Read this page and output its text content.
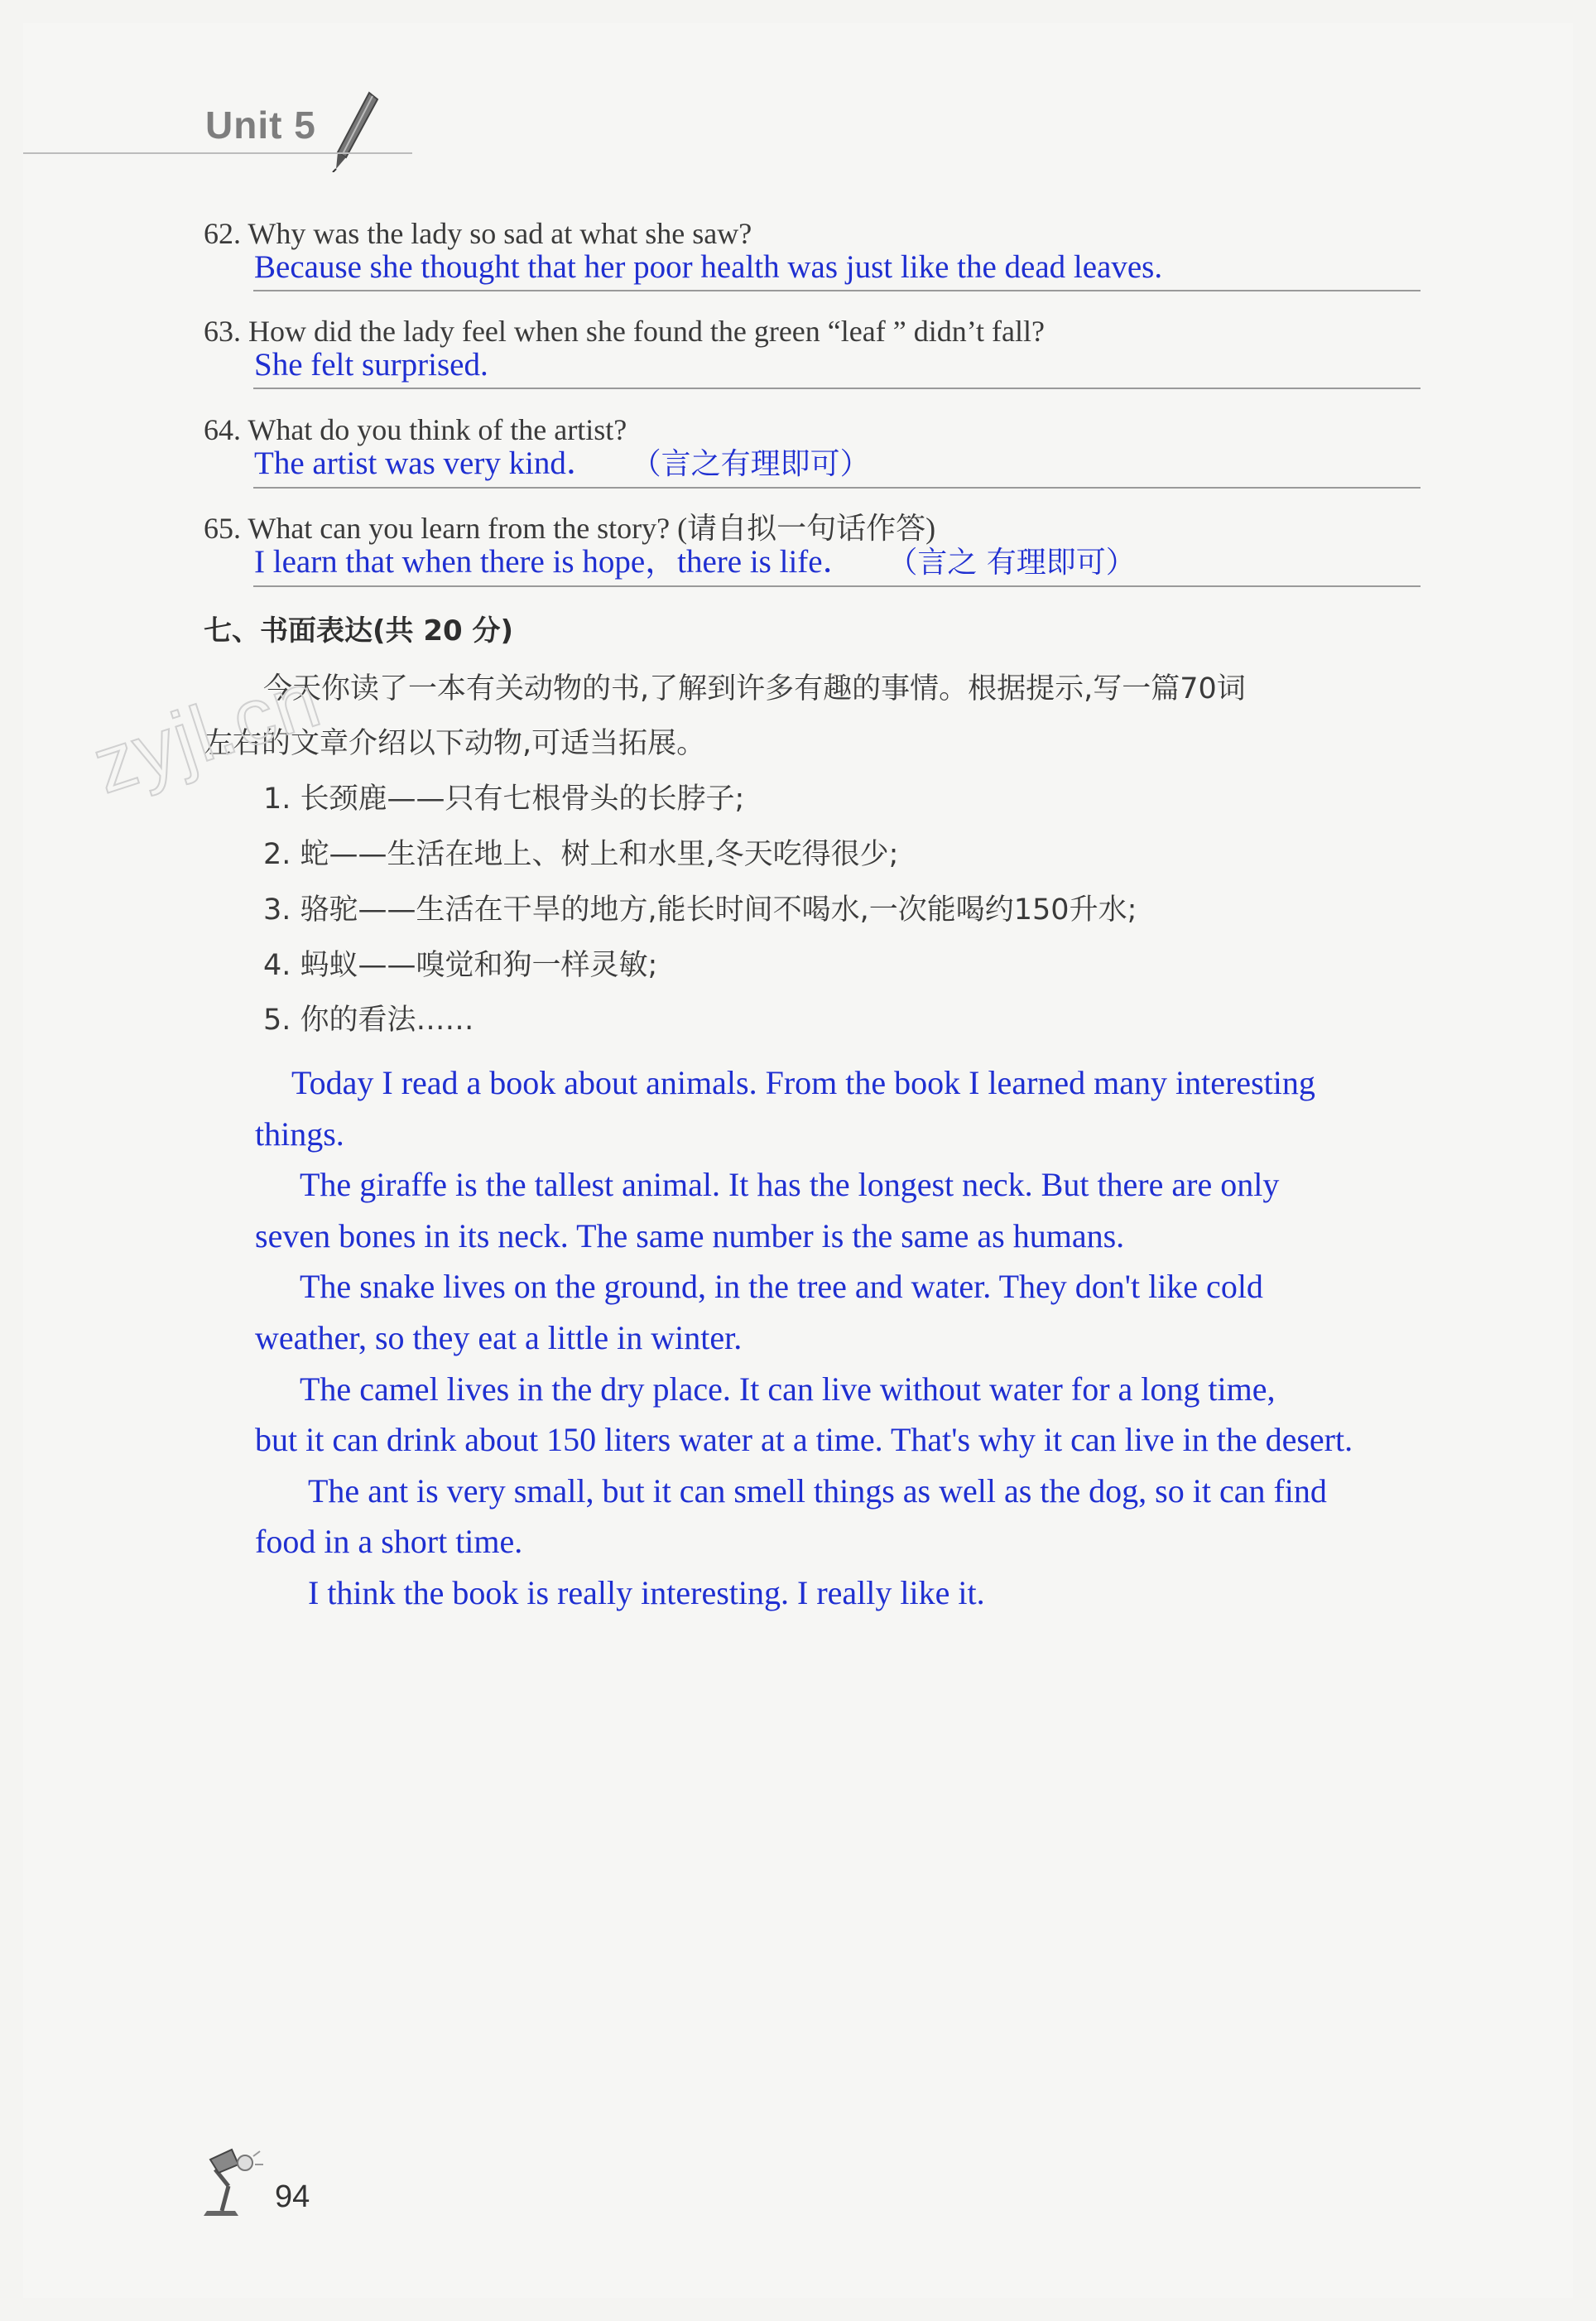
Unit 5
62. Why was the lady so sad at what she saw?
Because she thought that her poor health was just like the dead leaves.
63. How did the lady feel when she found the green “leaf ” didn’t fall?
She felt surprised.
64. What do you think of the artist?
The artist was very kind． （言之有理即可）
65. What can you learn from the story? (请自拟一句话作答)
I learn that when there is hope，there is life． （言之 有理即可）
七、书面表达(共 20 分)
今天你读了一本有关动物的书,了解到许多有趣的事情。根据提示,写一篇70词
左右的文章介绍以下动物,可适当拓展。
zyjl.cn
1. 长颈鹿——只有七根骨头的长脖子;
2. 蛇——生活在地上、树上和水里,冬天吃得很少;
3. 骆驼——生活在干旱的地方,能长时间不喝水,一次能喝约150升水;
4. 蚂蚁——嗅觉和狗一样灵敏;
5. 你的看法……
Today I read a book about animals. From the book I learned many interesting
things.
The giraffe is the tallest animal. It has the longest neck. But there are only
seven bones in its neck. The same number is the same as humans.
The snake lives on the ground, in the tree and water. They don't like cold
weather, so they eat a little in winter.
The camel lives in the dry place. It can live without water for a long time,
but it can drink about 150 liters water at a time. That's why it can live in the desert.
The ant is very small, but it can smell things as well as the dog, so it can find
food in a short time.
I think the book is really interesting. I really like it.
94
